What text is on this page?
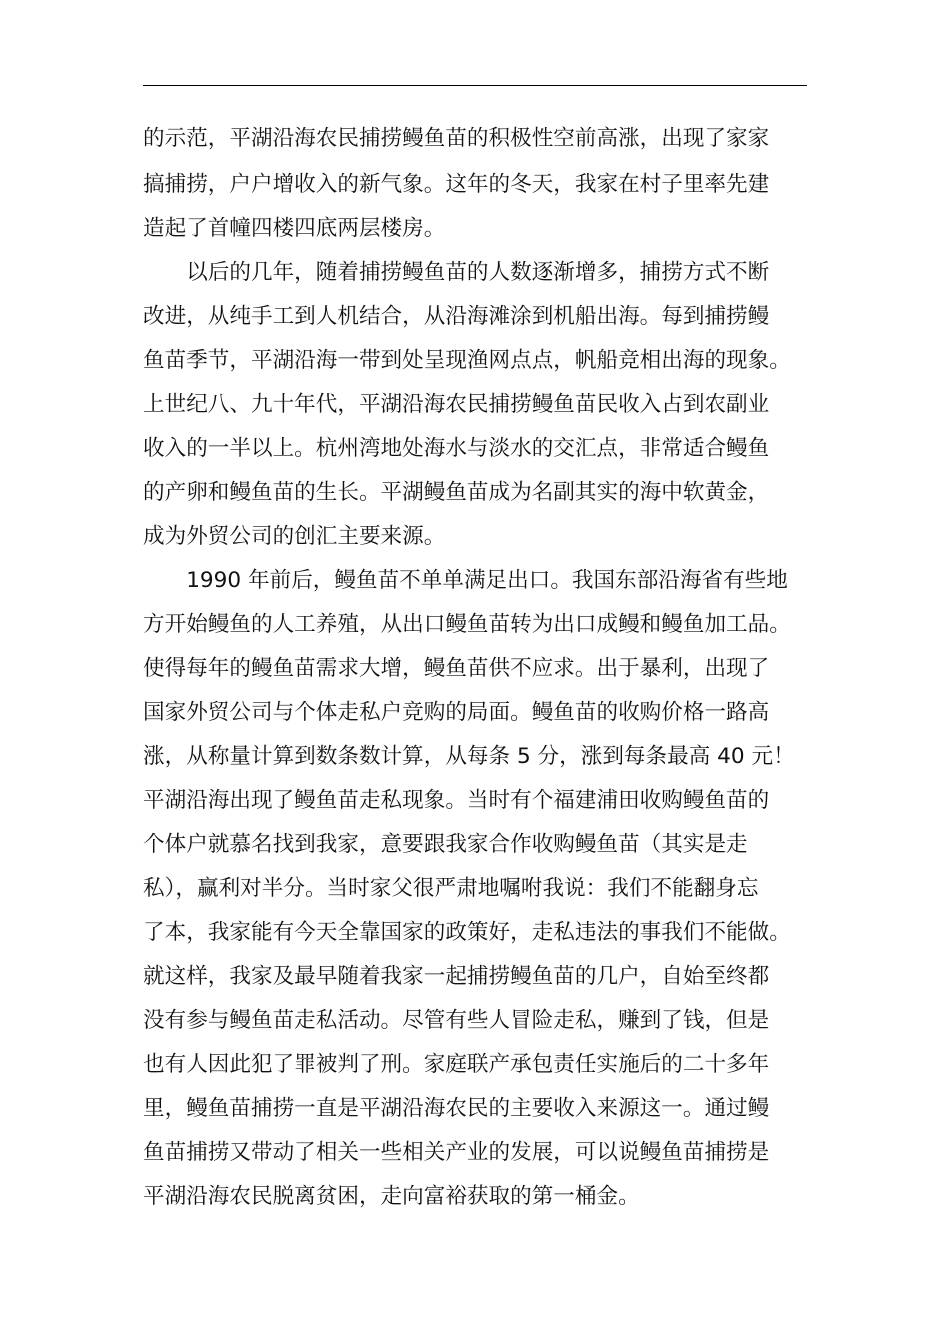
的示范，平湖沿海农民捕捞鳗鱼苗的积极性空前高涨，出现了家家
搞捕捞，户户增收入的新气象。这年的冬天，我家在村子里率先建
造起了首幢四楼四底两层楼房。
　　以后的几年，随着捕捞鳗鱼苗的人数逐渐增多，捕捞方式不断
改进，从纯手工到人机结合，从沿海滩涂到机船出海。每到捕捞鳗
鱼苗季节，平湖沿海一带到处呈现渔网点点，帆船竞相出海的现象。
上世纪八、九十年代，平湖沿海农民捕捞鳗鱼苗民收入占到农副业
收入的一半以上。杭州湾地处海水与淡水的交汇点，非常适合鳗鱼
的产卵和鳗鱼苗的生长。平湖鳗鱼苗成为名副其实的海中软黄金，
成为外贸公司的创汇主要来源。
　　1990 年前后，鳗鱼苗不单单满足出口。我国东部沿海省有些地
方开始鳗鱼的人工养殖，从出口鳗鱼苗转为出口成鳗和鳗鱼加工品。
使得每年的鳗鱼苗需求大增，鳗鱼苗供不应求。出于暴利，出现了
国家外贸公司与个体走私户竞购的局面。鳗鱼苗的收购价格一路高
涨，从称量计算到数条数计算，从每条 5 分，涨到每条最高 40 元！
平湖沿海出现了鳗鱼苗走私现象。当时有个福建浦田收购鳗鱼苗的
个体户就慕名找到我家，意要跟我家合作收购鳗鱼苗（其实是走
私），赢利对半分。当时家父很严肃地嘱咐我说：我们不能翻身忘
了本，我家能有今天全靠国家的政策好，走私违法的事我们不能做。
就这样，我家及最早随着我家一起捕捞鳗鱼苗的几户，自始至终都
没有参与鳗鱼苗走私活动。尽管有些人冒险走私，赚到了钱，但是
也有人因此犯了罪被判了刑。家庭联产承包责任实施后的二十多年
里，鳗鱼苗捕捞一直是平湖沿海农民的主要收入来源这一。通过鳗
鱼苗捕捞又带动了相关一些相关产业的发展，可以说鳗鱼苗捕捞是
平湖沿海农民脱离贫困，走向富裕获取的第一桶金。
